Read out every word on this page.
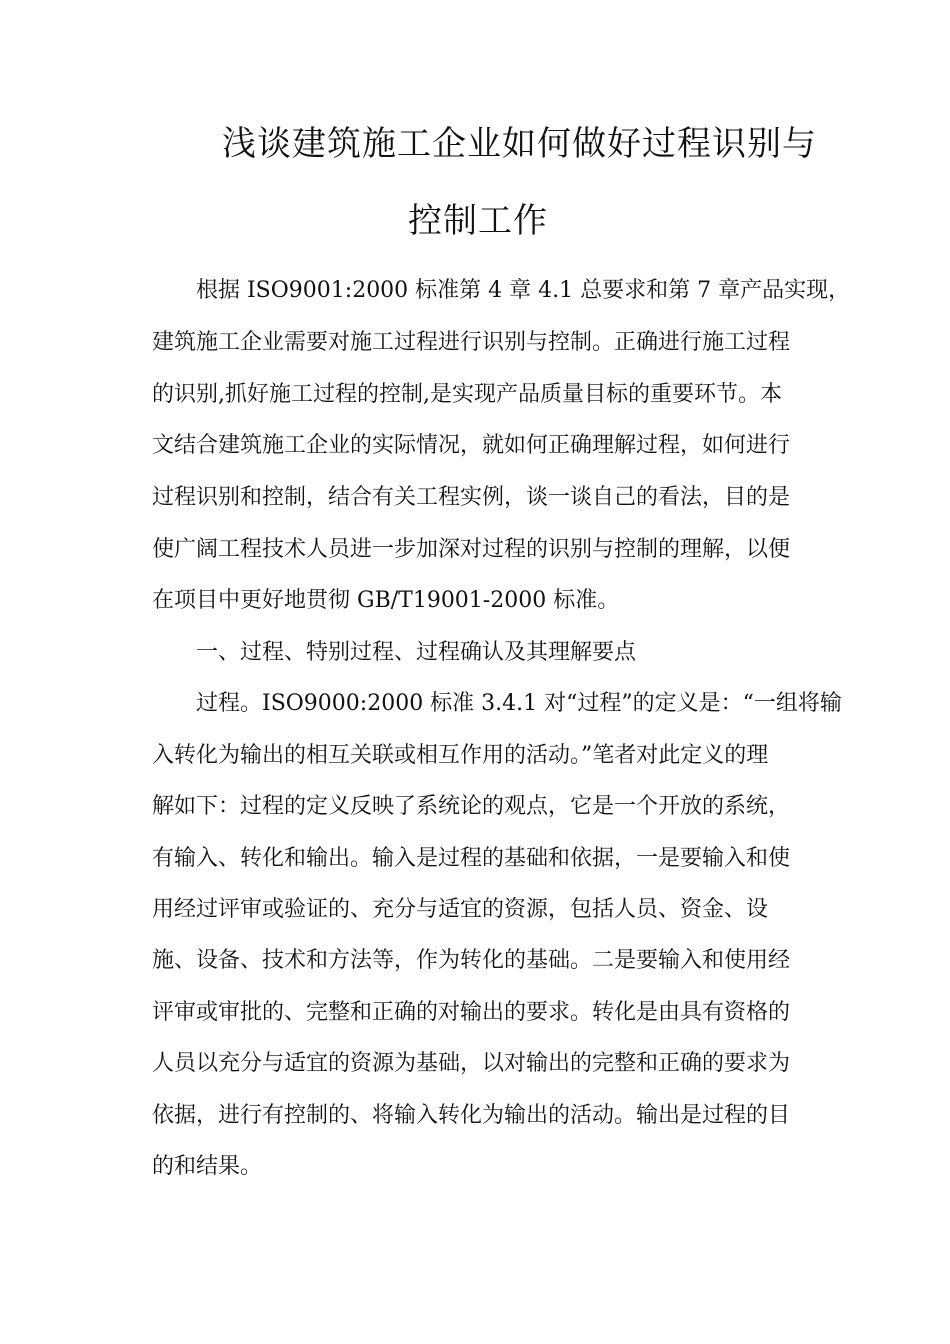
浅谈建筑施工企业如何做好过程识别与
控制工作
根据 ISO9001:2000 标准第 4 章 4.1 总要求和第 7 章产品实现，
建筑施工企业需要对施工过程进行识别与控制。正确进行施工过程
的识别,抓好施工过程的控制,是实现产品质量目标的重要环节。本
文结合建筑施工企业的实际情况，就如何正确理解过程，如何进行
过程识别和控制，结合有关工程实例，谈一谈自己的看法，目的是
使广阔工程技术人员进一步加深对过程的识别与控制的理解，以便
在项目中更好地贯彻 GB/T19001-2000 标准。
一、过程、特别过程、过程确认及其理解要点
过程。ISO9000:2000 标准 3.4.1 对“过程”的定义是：“一组将输
入转化为输出的相互关联或相互作用的活动。”笔者对此定义的理
解如下：过程的定义反映了系统论的观点，它是一个开放的系统，
有输入、转化和输出。输入是过程的基础和依据，一是要输入和使
用经过评审或验证的、充分与适宜的资源，包括人员、资金、设
施、设备、技术和方法等，作为转化的基础。二是要输入和使用经
评审或审批的、完整和正确的对输出的要求。转化是由具有资格的
人员以充分与适宜的资源为基础，以对输出的完整和正确的要求为
依据，进行有控制的、将输入转化为输出的活动。输出是过程的目
的和结果。
